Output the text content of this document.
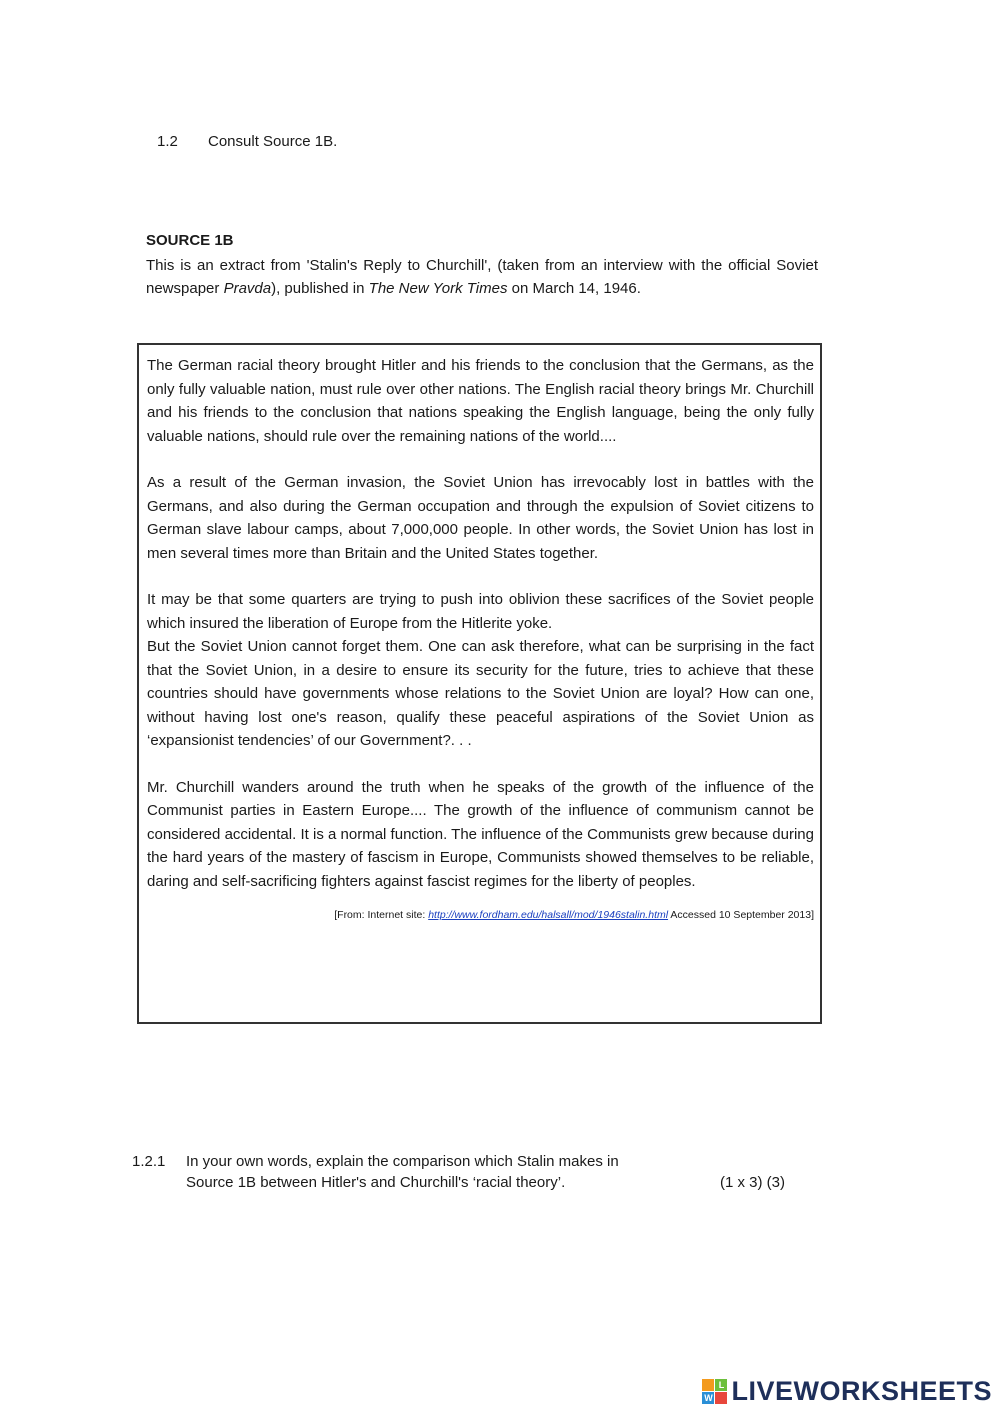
1.2 Consult Source 1B.
SOURCE 1B
This is an extract from 'Stalin's Reply to Churchill', (taken from an interview with the official Soviet newspaper Pravda), published in The New York Times on March 14, 1946.

The German racial theory brought Hitler and his friends to the conclusion that the Germans, as the only fully valuable nation, must rule over other nations. The English racial theory brings Mr. Churchill and his friends to the conclusion that nations speaking the English language, being the only fully valuable nations, should rule over the remaining nations of the world....

As a result of the German invasion, the Soviet Union has irrevocably lost in battles with the Germans, and also during the German occupation and through the expulsion of Soviet citizens to German slave labour camps, about 7,000,000 people. In other words, the Soviet Union has lost in men several times more than Britain and the United States together.

It may be that some quarters are trying to push into oblivion these sacrifices of the Soviet people which insured the liberation of Europe from the Hitlerite yoke.

But the Soviet Union cannot forget them. One can ask therefore, what can be surprising in the fact that the Soviet Union, in a desire to ensure its security for the future, tries to achieve that these countries should have governments whose relations to the Soviet Union are loyal? How can one, without having lost one's reason, qualify these peaceful aspirations of the Soviet Union as ‘expansionist tendencies’ of our Government?. . .

Mr. Churchill wanders around the truth when he speaks of the growth of the influence of the Communist parties in Eastern Europe.... The growth of the influence of communism cannot be considered accidental. It is a normal function. The influence of the Communists grew because during the hard years of the mastery of fascism in Europe, Communists showed themselves to be reliable, daring and self-sacrificing fighters against fascist regimes for the liberty of peoples.

[From: Internet site: http://www.fordham.edu/halsall/mod/1946stalin.html Accessed 10 September 2013]
1.2.1 In your own words, explain the comparison which Stalin makes in
Source 1B between Hitler's and Churchill's ‘racial theory’.	(1 x 3) (3)
L
W LIVEWORKSHEETS
